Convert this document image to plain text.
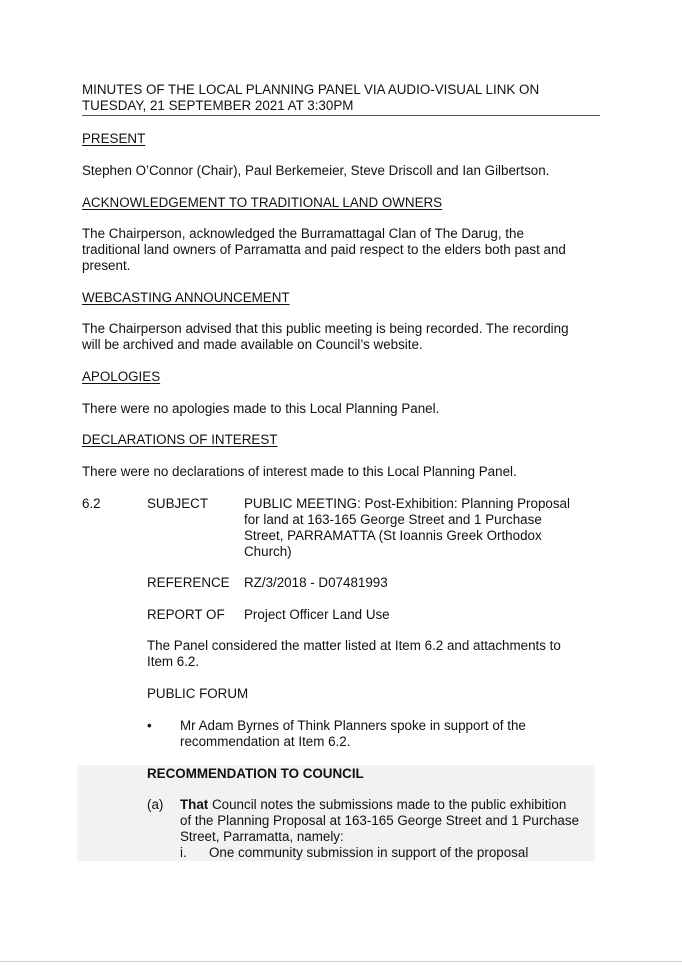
MINUTES OF THE LOCAL PLANNING PANEL VIA AUDIO-VISUAL LINK ON

TUESDAY, 21 SEPTEMBER 2021 AT 3:30PM

PRESENT

Stephen O’Connor (Chair), Paul Berkemeier, Steve Driscoll and Ian Gilbertson.

ACKNOWLEDGEMENT TO TRADITIONAL LAND OWNERS

The Chairperson, acknowledged the Burramattagal Clan of The Darug, the

traditional land owners of Parramatta and paid respect to the elders both past and

present.

WEBCASTING ANNOUNCEMENT

The Chairperson advised that this public meeting is being recorded. The recording

will be archived and made available on Council’s website.

APOLOGIES

There were no apologies made to this Local Planning Panel.

DECLARATIONS OF INTEREST

There were no declarations of interest made to this Local Planning Panel.

6.2	SUBJECT	PUBLIC MEETING: Post-Exhibition: Planning Proposal

for land at 163-165 George Street and 1 Purchase

Street, PARRAMATTA (St Ioannis Greek Orthodox

Church)

REFERENCE RZ/3/2018 - D07481993

REPORT OF Project Officer Land Use

The Panel considered the matter listed at Item 6.2 and attachments to

Item 6.2.

PUBLIC FORUM

• Mr Adam Byrnes of Think Planners spoke in support of the

recommendation at Item 6.2.

RECOMMENDATION TO COUNCIL

(a) That Council notes the submissions made to the public exhibition

of the Planning Proposal at 163-165 George Street and 1 Purchase

Street, Parramatta, namely:

i. One community submission in support of the proposal
